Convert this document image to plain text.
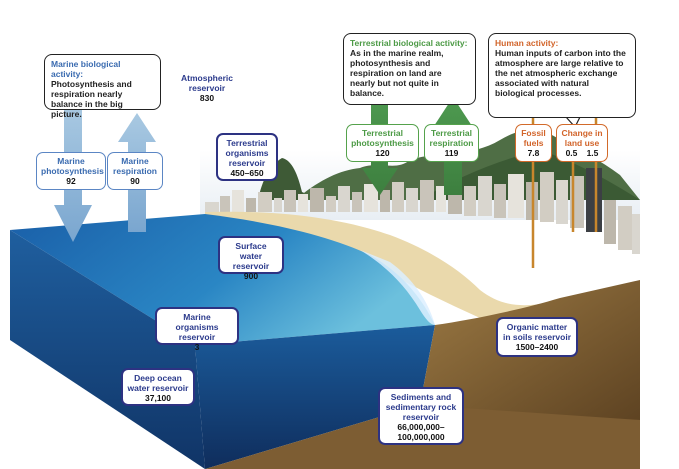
Marine biological activity:
Photosynthesis and respiration nearly balance in the big picture.
Terrestrial biological activity:
As in the marine realm, photosynthesis and respiration on land are nearly but not quite in balance.
Human activity:
Human inputs of carbon into the atmosphere are large relative to the net atmospheric exchange associated with natural biological processes.
Marine photosynthesis
92
Marine respiration
90
Terrestrial photosynthesis
120
Terrestrial respiration
119
Fossil fuels
7.8
Change in land use
0.5 1.5
Atmospheric reservoir
830
Terrestrial organisms reservoir
450–650
Surface water reservoir
900
Marine organisms reservoir
3
Deep ocean water reservoir
37,100
Organic matter in soils reservoir
1500–2400
Sediments and sedimentary rock reservoir
66,000,000–100,000,000
